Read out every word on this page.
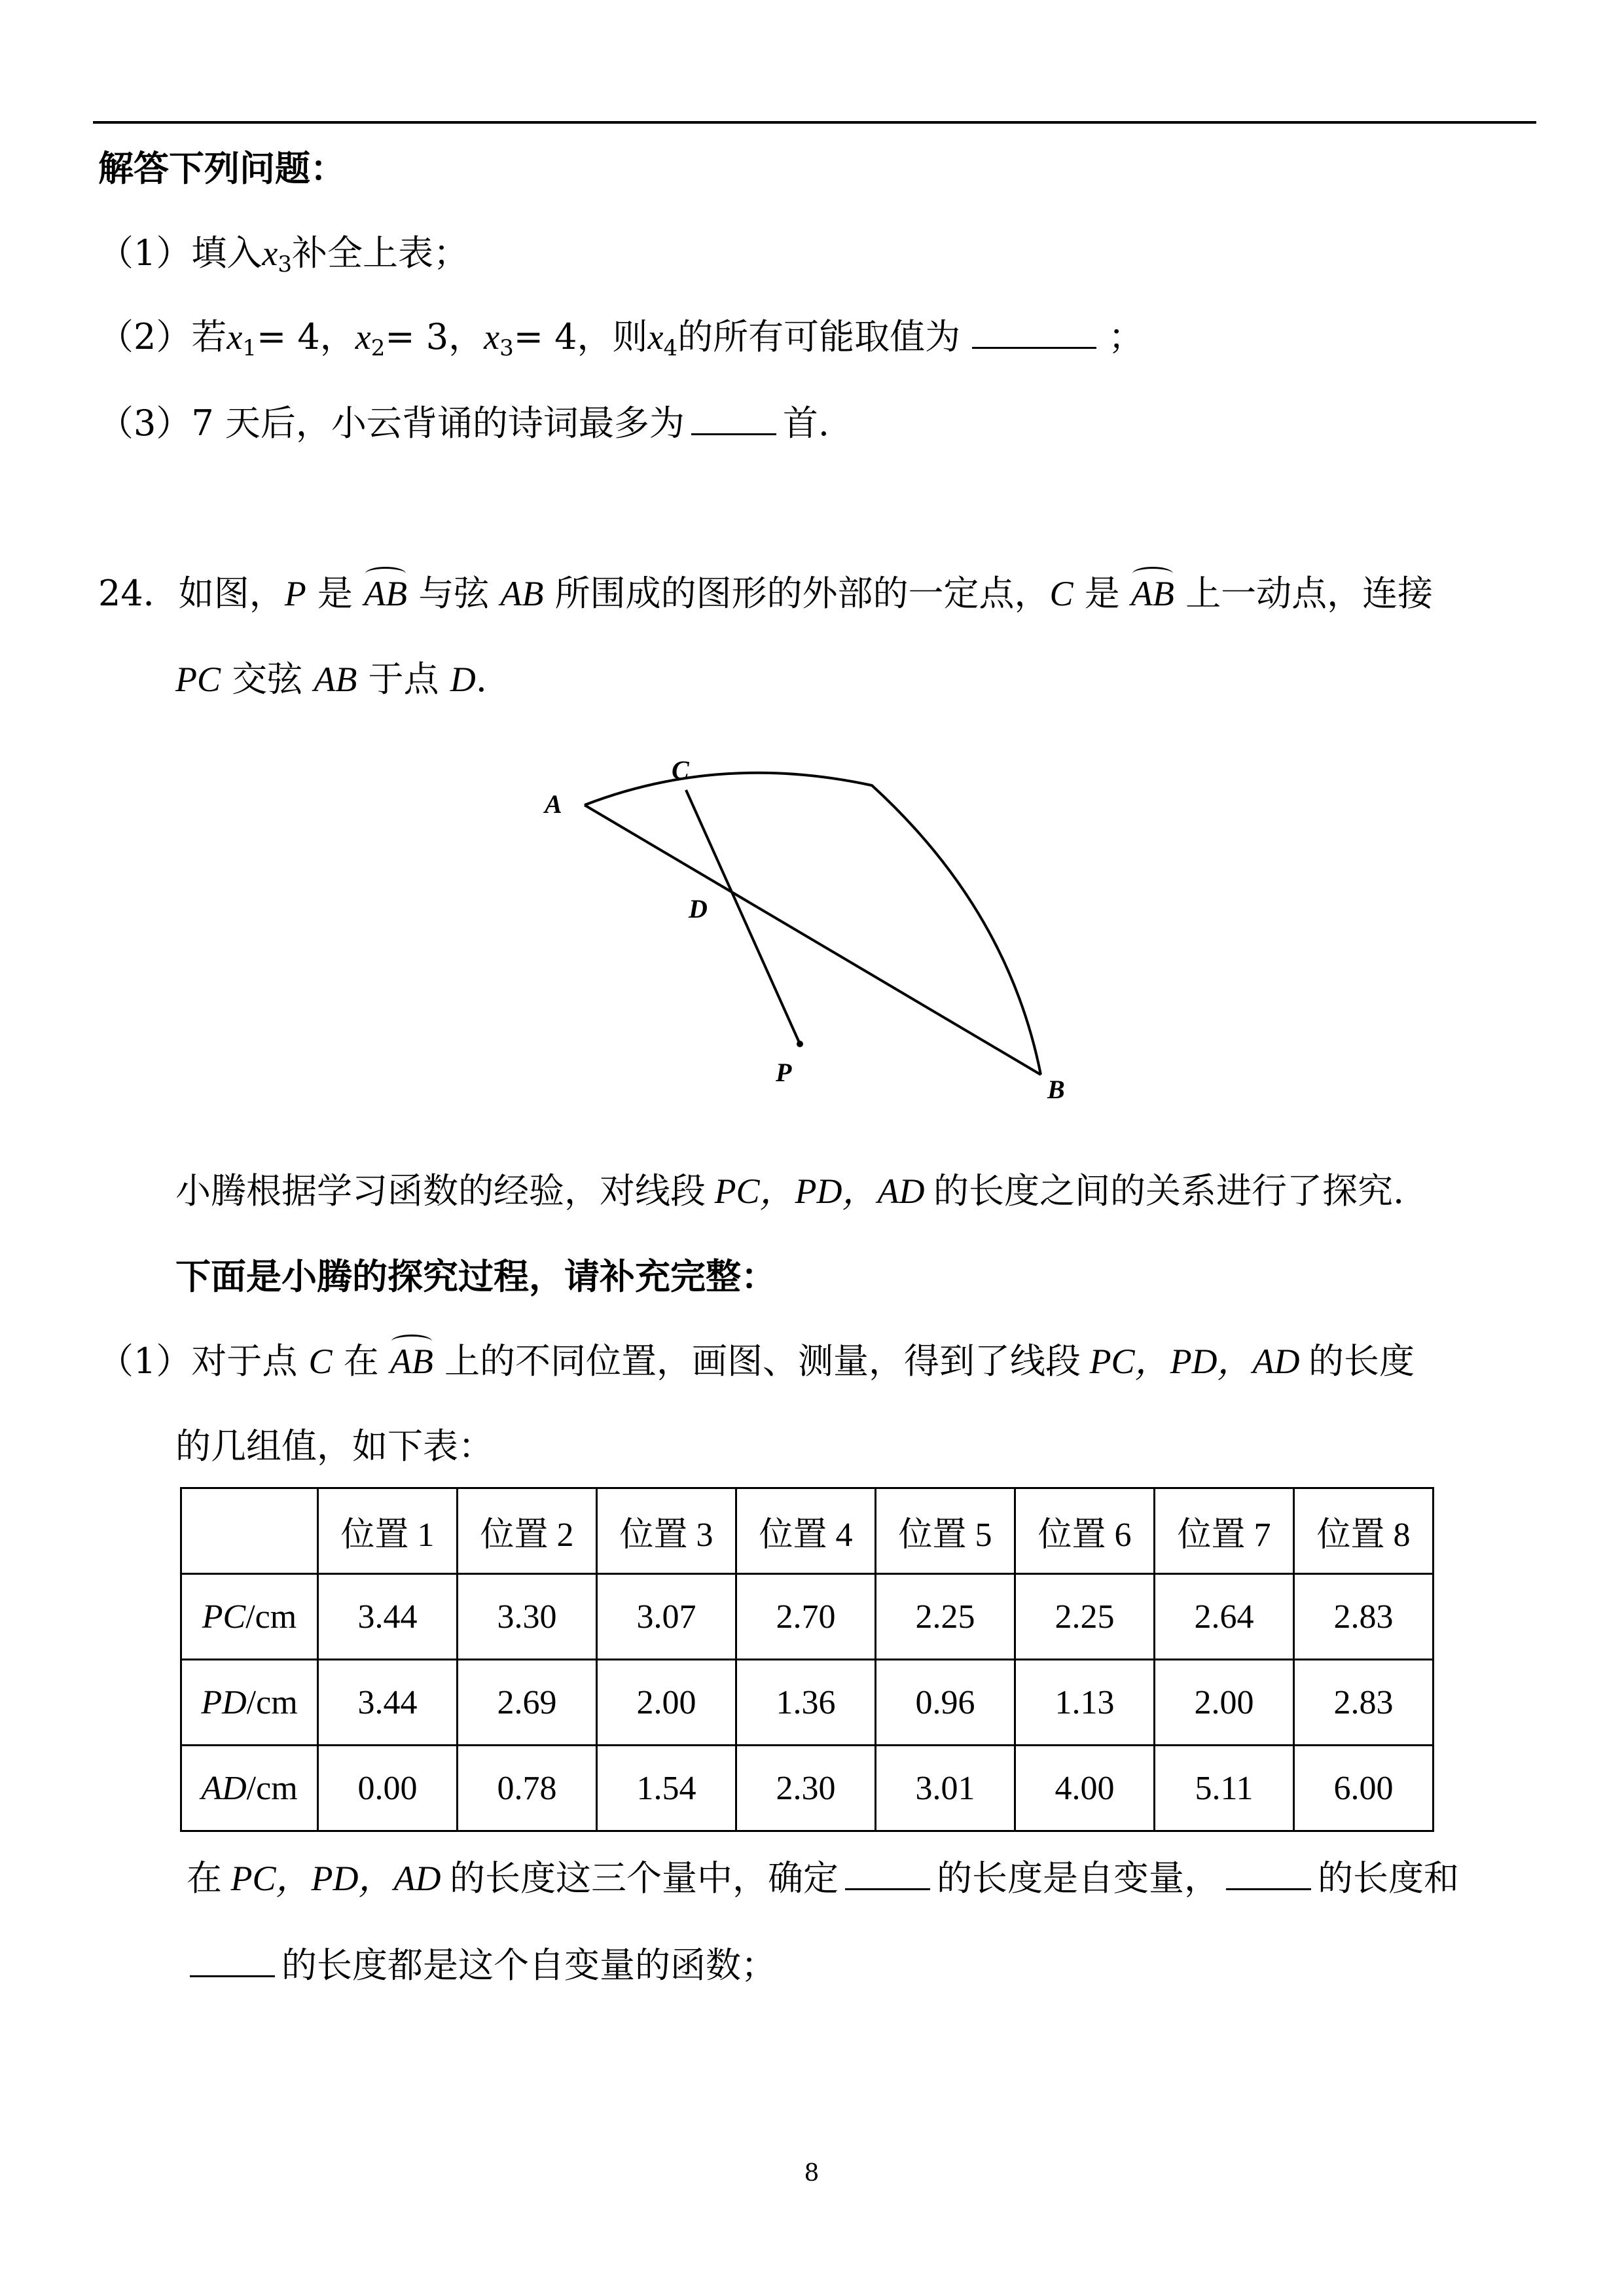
解答下列问题：
（1）填入$x_3$补全上表；
（2）若$x_1= 4$，$x_2= 3$，$x_3= 4$，则$x_4$的所有可能取值为	；
（3）7 天后，小云背诵的诗词最多为	首.
24．如图，P 是 AB 与弦 AB 所围成的图形的外部的一定点，C 是 AB 上一动点，连接
PC 交弦 AB 于点 D.
A
C
D
P
B
小腾根据学习函数的经验，对线段 PC，PD，AD 的长度之间的关系进行了探究.
下面是小腾的探究过程，请补充完整：
（1）对于点 C 在 AB 上的不同位置，画图、测量，得到了线段 PC，PD，AD 的长度
的几组值，如下表：
	位置 1	位置 2	位置 3	位置 4	位置 5	位置 6	位置 7	位置 8
PC/cm	3.44	3.30	3.07	2.70	2.25	2.25	2.64	2.83
PD/cm	3.44	2.69	2.00	1.36	0.96	1.13	2.00	2.83
AD/cm	0.00	0.78	1.54	2.30	3.01	4.00	5.11	6.00
在 PC，PD，AD 的长度这三个量中，确定	的长度是自变量，	的长度和
的长度都是这个自变量的函数；
8
